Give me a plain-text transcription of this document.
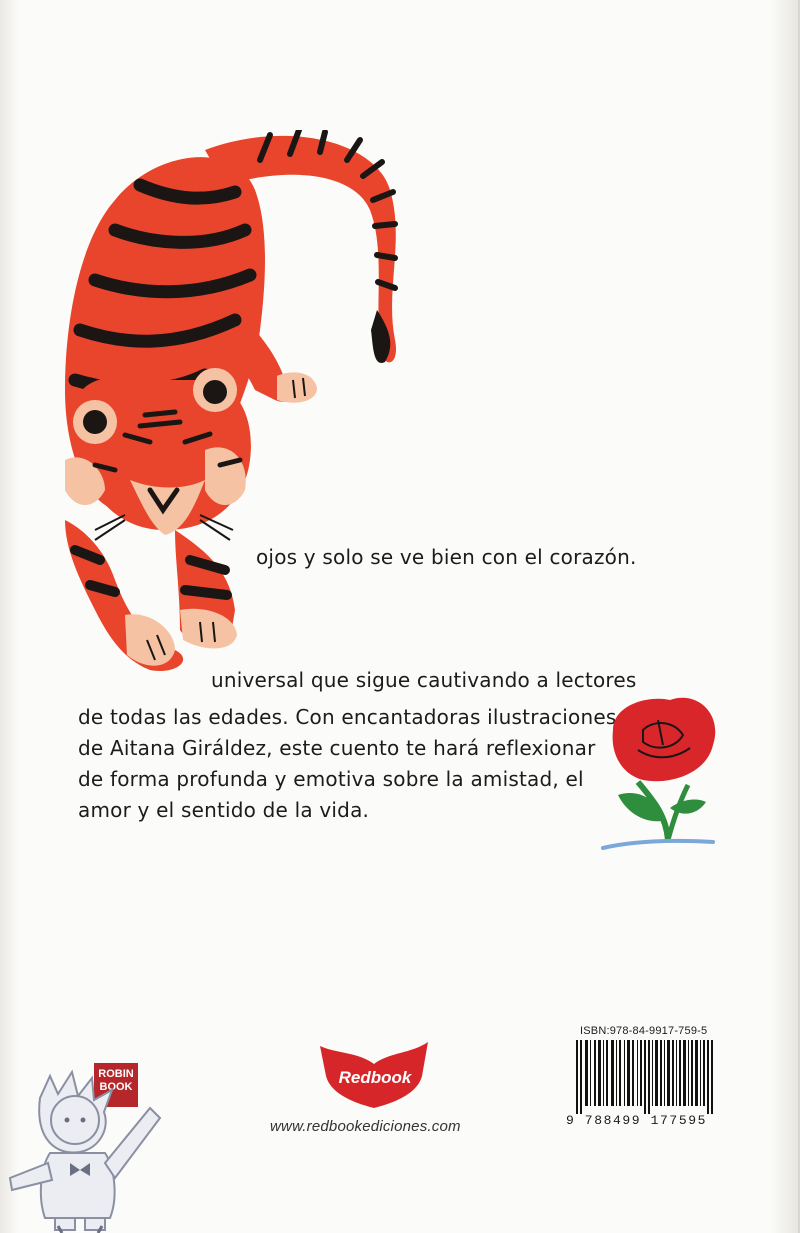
ojos y solo se ve bien con el corazón.
universal que sigue cautivando a lectores
de todas las edades. Con encantadoras ilustraciones
de Aitana Giráldez, este cuento te hará reflexionar
de forma profunda y emotiva sobre la amistad, el
amor y el sentido de la vida.
Redbook
www.redbookediciones.com
ROBIN
BOOK
ISBN:978-84-9917-759-5
9 788499 177595
